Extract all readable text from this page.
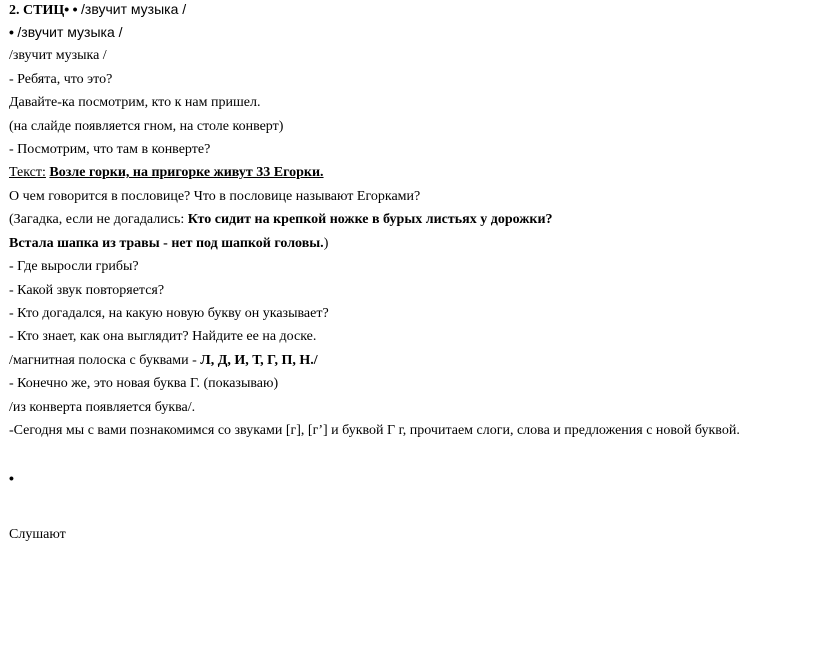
2. СТИЦ• • /звучит музыка /
• /звучит музыка /
/звучит музыка /
- Ребята, что это?
Давайте-ка посмотрим, кто к нам пришел.
(на слайде появляется гном, на столе конверт)
- Посмотрим, что там в конверте?
Текст: Возле горки, на пригорке живут 33 Егорки.
О чем говорится в пословице? Что в пословице называют Егорками?
(Загадка, если не догадались: Кто сидит на крепкой ножке в бурых листьях у дорожки?
Встала шапка из травы - нет под шапкой головы.)
- Где выросли грибы?
- Какой звук повторяется?
- Кто догадался, на какую новую букву он указывает?
- Кто знает, как она выглядит? Найдите ее на доске.
/магнитная полоска с буквами - Л, Д, И, Т, Г, П, Н./
- Конечно же, это новая буква Г. (показываю)
/из конверта появляется буква/.
-Сегодня мы с вами познакомимся со звуками [г], [г’] и буквой Г г, прочитаем слоги, слова и предложения с новой буквой.
•
Слушают
